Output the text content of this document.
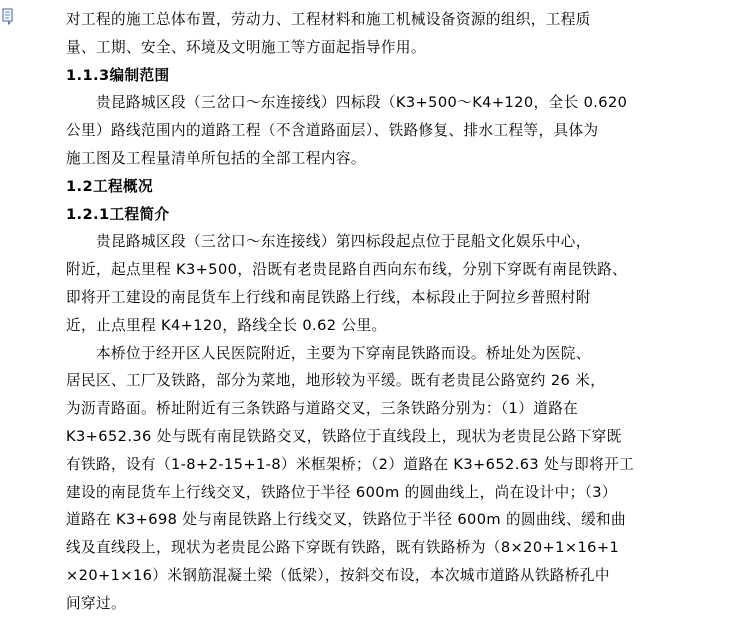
对工程的施工总体布置，劳动力、工程材料和施工机械设备资源的组织，工程质
量、工期、安全、环境及文明施工等方面起指导作用。
1.1.3编制范围
贵昆路城区段（三岔口～东连接线）四标段（K3+500～K4+120，全长 0.620
公里）路线范围内的道路工程（不含道路面层）、铁路修复、排水工程等，具体为
施工图及工程量清单所包括的全部工程内容。
1.2工程概况
1.2.1工程简介
贵昆路城区段（三岔口～东连接线）第四标段起点位于昆船文化娱乐中心，
附近，起点里程 K3+500，沿既有老贵昆路自西向东布线，分别下穿既有南昆铁路、
即将开工建设的南昆货车上行线和南昆铁路上行线，本标段止于阿拉乡普照村附
近，止点里程 K4+120，路线全长 0.62 公里。
本桥位于经开区人民医院附近，主要为下穿南昆铁路而设。桥址处为医院、
居民区、工厂及铁路，部分为菜地，地形较为平缓。既有老贵昆公路宽约 26 米，
为沥青路面。桥址附近有三条铁路与道路交叉，三条铁路分别为：（1）道路在
K3+652.36 处与既有南昆铁路交叉，铁路位于直线段上，现状为老贵昆公路下穿既
有铁路，设有（1-8+2-15+1-8）米框架桥；（2）道路在 K3+652.63 处与即将开工
建设的南昆货车上行线交叉，铁路位于半径 600m 的圆曲线上，尚在设计中；（3）
道路在 K3+698 处与南昆铁路上行线交叉，铁路位于半径 600m 的圆曲线、缓和曲
线及直线段上，现状为老贵昆公路下穿既有铁路，既有铁路桥为（8×20+1×16+1
×20+1×16）米钢筋混凝土梁（低梁），按斜交布设，本次城市道路从铁路桥孔中
间穿过。
